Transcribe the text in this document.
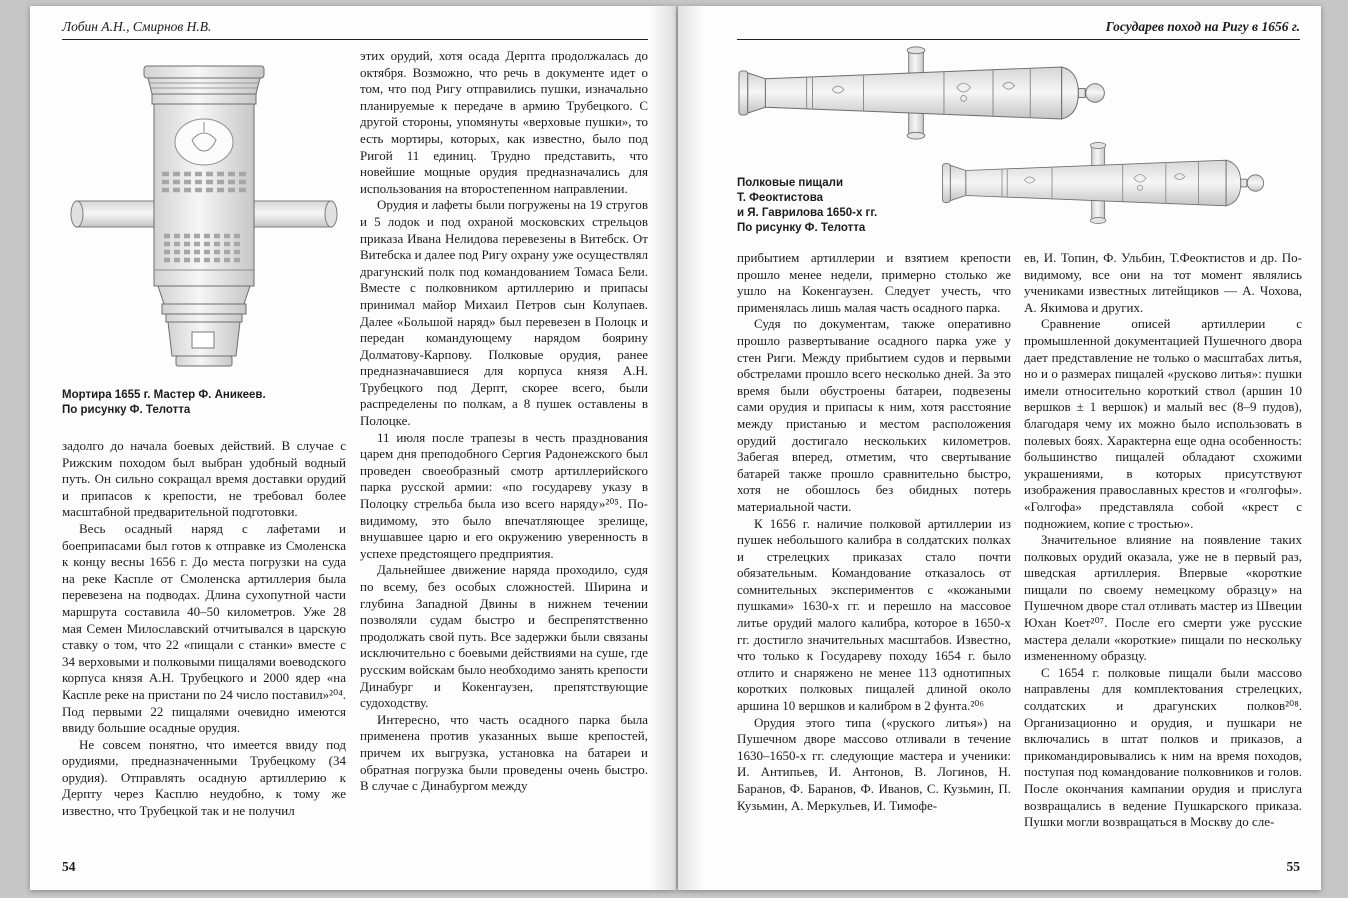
Лобин А.Н., Смирнов Н.В.
Мортира 1655 г. Мастер Ф. Аникеев.
По рисунку Ф. Телотта

задолго до начала боевых действий. В случае с Рижским походом был выбран удобный водный путь. Он сильно сокращал время доставки орудий и припасов к крепости, не требовал более масштабной предварительной подготовки.

Весь осадный наряд с лафетами и боеприпасами был готов к отправке из Смоленска к концу весны 1656 г. До места погрузки на суда на реке Каспле от Смоленска артиллерия была перевезена на подводах. Длина сухопутной части маршрута составила 40–50 километров. Уже 28 мая Семен Милославский отчитывался в царскую ставку о том, что 22 «пищали с станки» вместе с 34 верховыми и полковыми пищалями воеводского корпуса князя А.Н. Трубецкого и 2000 ядер «на Каспле реке на пристани по 24 число поставил»²⁰⁴. Под первыми 22 пищалями очевидно имеются ввиду большие осадные орудия.

Не совсем понятно, что имеется ввиду под орудиями, предназначенными Трубецкому (34 орудия). Отправлять осадную артиллерию к Дерпту через Касплю неудобно, к тому же известно, что Трубецкой так и не получил

этих орудий, хотя осада Дерпта продолжалась до октября. Возможно, что речь в документе идет о том, что под Ригу отправились пушки, изначально планируемые к передаче в армию Трубецкого. С другой стороны, упомянуты «верховые пушки», то есть мортиры, которых, как известно, было под Ригой 11 единиц. Трудно представить, что новейшие мощные орудия предназначались для использования на второстепенном направлении.

Орудия и лафеты были погружены на 19 стругов и 5 лодок и под охраной московских стрельцов приказа Ивана Нелидова перевезены в Витебск. От Витебска и далее под Ригу охрану уже осуществлял драгунский полк под командованием Томаса Бели. Вместе с полковником артиллерию и припасы принимал майор Михаил Петров сын Колупаев. Далее «Большой наряд» был перевезен в Полоцк и передан командующему нарядом боярину Долматову-Карпову. Полковые орудия, ранее предназначавшиеся для корпуса князя А.Н. Трубецкого под Дерпт, скорее всего, были распределены по полкам, а 8 пушек оставлены в Полоцке.

11 июля после трапезы в честь празднования царем дня преподобного Сергия Радонежского был проведен своеобразный смотр артиллерийского парка русской армии: «по государеву указу в Полоцку стрельба была изо всего наряду»²⁰⁵. По-видимому, это было впечатляющее зрелище, внушавшее царю и его окружению уверенность в успехе предстоящего предприятия.

Дальнейшее движение наряда проходило, судя по всему, без особых сложностей. Ширина и глубина Западной Двины в нижнем течении позволяли судам быстро и беспрепятственно продолжать свой путь. Все задержки были связаны исключительно с боевыми действиями на суше, где русским войскам было необходимо занять крепости Динабург и Кокенгаузен, препятствующие судоходству.

Интересно, что часть осадного парка была применена против указанных выше крепостей, причем их выгрузка, установка на батареи и обратная погрузка были проведены очень быстро. В случае с Динабургом между

54
Государев поход на Ригу в 1656 г.
Полковые пищали
Т. Феоктистова
и Я. Гаврилова 1650-х гг.
По рисунку Ф. Телотта

прибытием артиллерии и взятием крепости прошло менее недели, примерно столько же ушло на Кокенгаузен. Следует учесть, что применялась лишь малая часть осадного парка.

Судя по документам, также оперативно прошло развертывание осадного парка уже у стен Риги. Между прибытием судов и первыми обстрелами прошло всего несколько дней. За это время были обустроены батареи, подвезены сами орудия и припасы к ним, хотя расстояние между пристанью и местом расположения орудий достигало нескольких километров. Забегая вперед, отметим, что свертывание батарей также прошло сравнительно быстро, хотя не обошлось без обидных потерь материальной части.

К 1656 г. наличие полковой артиллерии из пушек небольшого калибра в солдатских полках и стрелецких приказах стало почти обязательным. Командование отказалось от сомнительных экспериментов с «кожаными пушками» 1630-х гг. и перешло на массовое литье орудий малого калибра, которое в 1650-х гг. достигло значительных масштабов. Известно, что только к Государеву походу 1654 г. было отлито и снаряжено не менее 113 однотипных коротких полковых пищалей длиной около аршина 10 вершков и калибром в 2 фунта.²⁰⁶

Орудия этого типа («руского литья») на Пушечном дворе массово отливали в течение 1630–1650-х гг. следующие мастера и ученики: И. Антипьев, И. Антонов, В. Логинов, Н. Баранов, Ф. Баранов, Ф. Иванов, С. Кузьмин, П. Кузьмин, А. Меркульев, И. Тимофе-

ев, И. Топин, Ф. Ульбин, Т.Феоктистов и др. По-видимому, все они на тот момент являлись учениками известных литейщиков — А. Чохова, А. Якимова и других.

Сравнение описей артиллерии с промышленной документацией Пушечного двора дает представление не только о масштабах литья, но и о размерах пищалей «русково литья»: пушки имели относительно короткий ствол (аршин 10 вершков ± 1 вершок) и малый вес (8–9 пудов), благодаря чему их можно было использовать в полевых боях. Характерна еще одна особенность: большинство пищалей обладают схожими украшениями, в которых присутствуют изображения православных крестов и «голгофы». «Голгофа» представляла собой «крест с подножием, копие с тростью».

Значительное влияние на появление таких полковых орудий оказала, уже не в первый раз, шведская артиллерия. Впервые «короткие пищали по своему немецкому образцу» на Пушечном дворе стал отливать мастер из Швеции Юхан Коет²⁰⁷. После его смерти уже русские мастера делали «короткие» пищали по нескольку измененному образцу.

С 1654 г. полковые пищали были массово направлены для комплектования стрелецких, солдатских и драгунских полков²⁰⁸. Организационно и орудия, и пушкари не включались в штат полков и приказов, а прикомандировывались к ним на время походов, поступая под командование полковников и голов. После окончания кампании орудия и прислуга возвращались в ведение Пушкарского приказа. Пушки могли возвращаться в Москву до сле-

55
